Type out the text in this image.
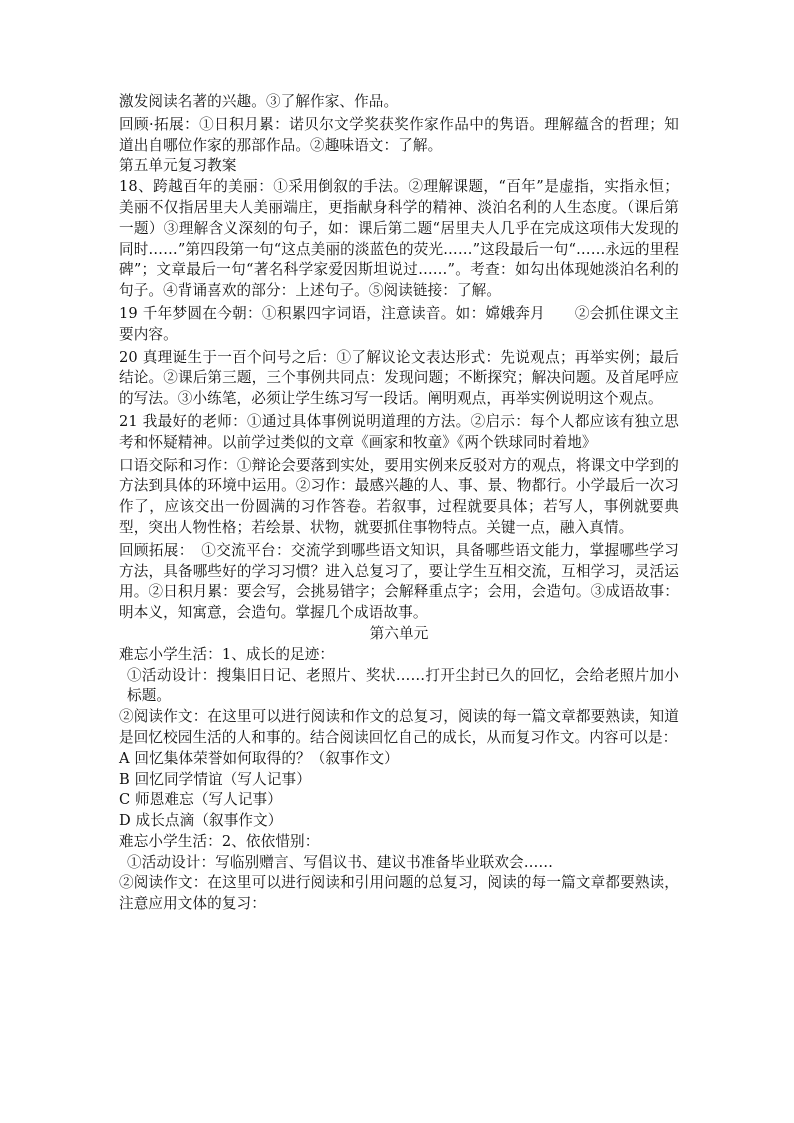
激发阅读名著的兴趣。③了解作家、作品。

回顾·拓展：①日积月累：诺贝尔文学奖获奖作家作品中的隽语。理解蕴含的哲理；知道出自哪位作家的那部作品。②趣味语文：了解。

第五单元复习教案

18、跨越百年的美丽：①采用倒叙的手法。②理解课题，“百年”是虚指，实指永恒；美丽不仅指居里夫人美丽端庄，更指献身科学的精神、淡泊名利的人生态度。（课后第一题）③理解含义深刻的句子，如：课后第二题“居里夫人几乎在完成这项伟大发现的同时……”第四段第一句“这点美丽的淡蓝色的荧光……”这段最后一句“……永远的里程碑”；文章最后一句“著名科学家爱因斯坦说过……”。考查：如勾出体现她淡泊名利的句子。④背诵喜欢的部分：上述句子。⑤阅读链接：了解。

19 千年梦圆在今朝：①积累四字词语，注意读音。如：嫦娥奔月　　②会抓住课文主要内容。

20 真理诞生于一百个问号之后：①了解议论文表达形式：先说观点；再举实例；最后结论。②课后第三题，三个事例共同点：发现问题；不断探究；解决问题。及首尾呼应的写法。③小练笔，必须让学生练习写一段话。阐明观点，再举实例说明这个观点。

21 我最好的老师：①通过具体事例说明道理的方法。②启示：每个人都应该有独立思考和怀疑精神。以前学过类似的文章《画家和牧童》《两个铁球同时着地》

口语交际和习作：①辩论会要落到实处，要用实例来反驳对方的观点，将课文中学到的方法到具体的环境中运用。②习作：最感兴趣的人、事、景、物都行。小学最后一次习作了，应该交出一份圆满的习作答卷。若叙事，过程就要具体；若写人，事例就要典型，突出人物性格；若绘景、状物，就要抓住事物特点。关键一点，融入真情。

回顾拓展：　①交流平台：交流学到哪些语文知识，具备哪些语文能力，掌握哪些学习方法，具备哪些好的学习习惯？进入总复习了，要让学生互相交流，互相学习，灵活运用。②日积月累：要会写，会挑易错字；会解释重点字；会用，会造句。③成语故事：明本义，知寓意，会造句。掌握几个成语故事。

第六单元

难忘小学生活：1、成长的足迹：

①活动设计：搜集旧日记、老照片、奖状……打开尘封已久的回忆，会给老照片加小标题。

②阅读作文：在这里可以进行阅读和作文的总复习，阅读的每一篇文章都要熟读，知道是回忆校园生活的人和事的。结合阅读回忆自己的成长，从而复习作文。内容可以是：

A 回忆集体荣誉如何取得的？（叙事作文）

B 回忆同学情谊（写人记事）

C 师恩难忘（写人记事）

D 成长点滴（叙事作文）

难忘小学生活：2、依依惜别：

①活动设计：写临别赠言、写倡议书、建议书准备毕业联欢会……

②阅读作文：在这里可以进行阅读和引用问题的总复习，阅读的每一篇文章都要熟读，注意应用文体的复习：
